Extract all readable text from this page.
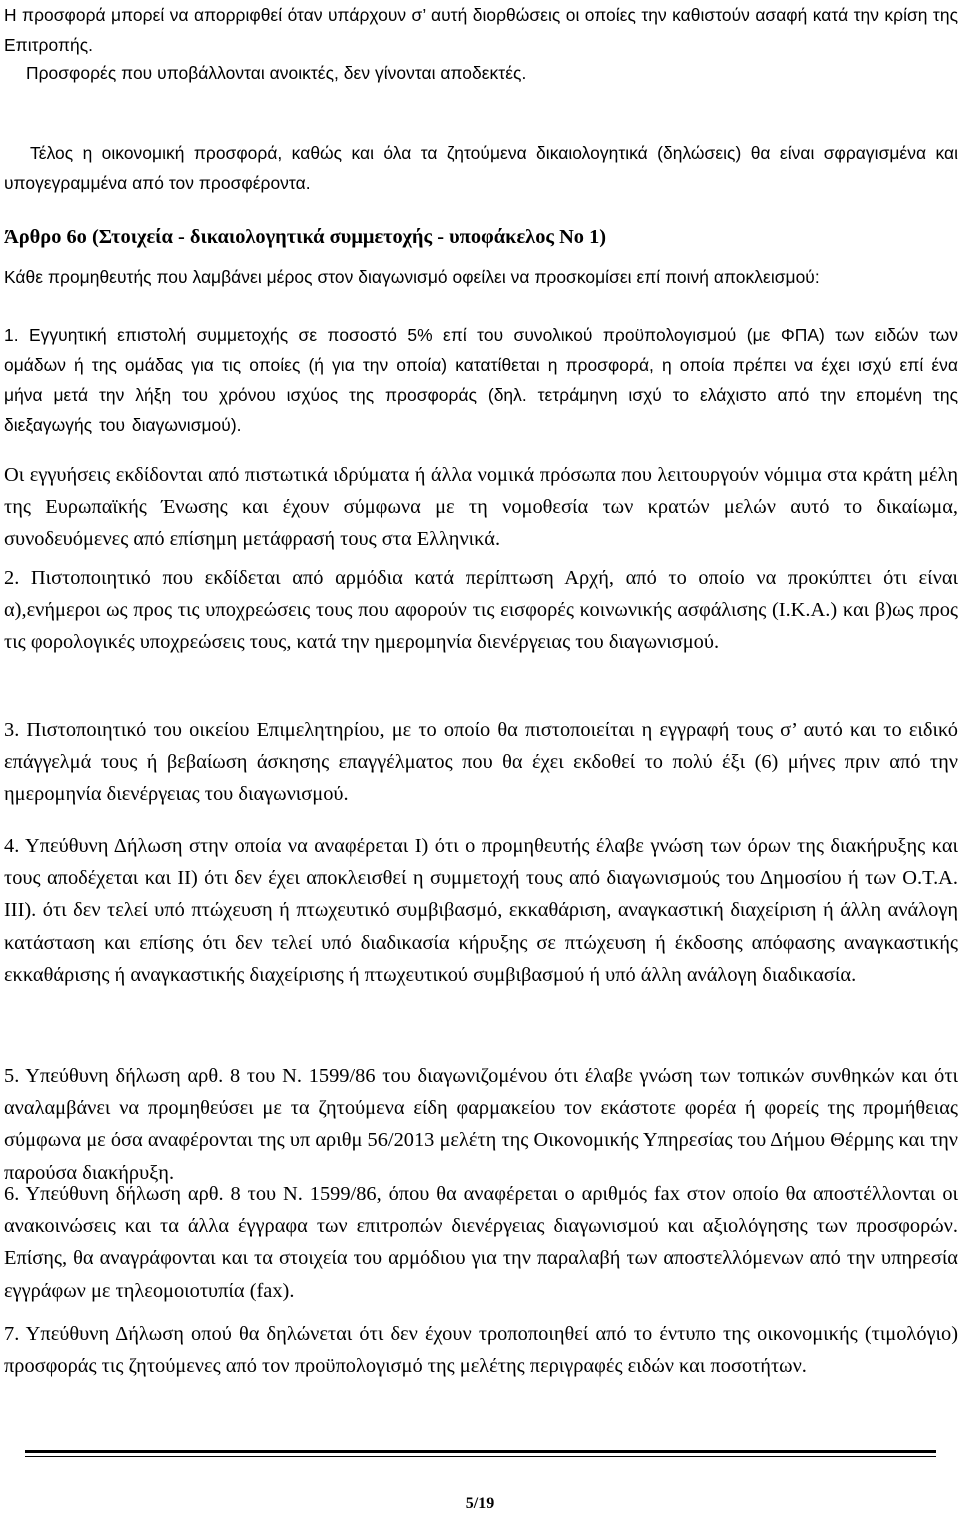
Η προσφορά μπορεί να απορριφθεί όταν υπάρχουν σ’ αυτή διορθώσεις οι οποίες την καθιστούν ασαφή κατά την κρίση της Επιτροπής.

Προσφορές που υποβάλλονται ανοικτές, δεν γίνονται αποδεκτές.

Τέλος η οικονομική προσφορά, καθώς και όλα τα ζητούμενα δικαιολογητικά (δηλώσεις) θα είναι σφραγισμένα και υπογεγραμμένα από τον προσφέροντα.

Άρθρο 6ο (Στοιχεία - δικαιολογητικά συμμετοχής - υποφάκελος Νο 1)

Κάθε προμηθευτής που λαμβάνει μέρος στον διαγωνισμό οφείλει να προσκομίσει επί ποινή αποκλεισμού:

1. Εγγυητική επιστολή συμμετοχής σε ποσοστό 5% επί του συνολικού προϋπολογισμού (με ΦΠΑ) των ειδών των ομάδων ή της ομάδας για τις οποίες (ή για την οποία) κατατίθεται η προσφορά, η οποία πρέπει να έχει ισχύ επί ένα μήνα μετά την λήξη του χρόνου ισχύος της προσφοράς (δηλ. τετράμηνη ισχύ το ελάχιστο από την επομένη της διεξαγωγής του διαγωνισμού).

Οι εγγυήσεις εκδίδονται από πιστωτικά ιδρύματα ή άλλα νομικά πρόσωπα που λειτουργούν νόμιμα στα κράτη μέλη της Ευρωπαϊκής Ένωσης και έχουν σύμφωνα με τη νομοθεσία των κρατών μελών αυτό το δικαίωμα, συνοδευόμενες από επίσημη μετάφρασή τους στα Ελληνικά.

2. Πιστοποιητικό που εκδίδεται από αρμόδια κατά περίπτωση Αρχή, από το οποίο να προκύπτει ότι είναι α),ενήμεροι ως προς τις υποχρεώσεις τους που αφορούν τις εισφορές κοινωνικής ασφάλισης (Ι.Κ.Α.) και β)ως προς τις φορολογικές υποχρεώσεις τους, κατά την ημερομηνία διενέργειας του διαγωνισμού.

3. Πιστοποιητικό του οικείου Επιμελητηρίου, με το οποίο θα πιστοποιείται η εγγραφή τους σ’ αυτό και το ειδικό επάγγελμά τους ή βεβαίωση άσκησης επαγγέλματος που θα έχει εκδοθεί το πολύ έξι (6) μήνες πριν από την ημερομηνία διενέργειας του διαγωνισμού.

4. Υπεύθυνη Δήλωση στην οποία να αναφέρεται Ι) ότι ο προμηθευτής έλαβε γνώση των όρων της διακήρυξης και τους αποδέχεται και ΙΙ) ότι δεν έχει αποκλεισθεί η συμμετοχή τους από διαγωνισμούς του Δημοσίου ή των Ο.Τ.Α. ΙΙΙ). ότι δεν τελεί υπό πτώχευση ή πτωχευτικό συμβιβασμό, εκκαθάριση, αναγκαστική διαχείριση ή άλλη ανάλογη κατάσταση και επίσης ότι δεν τελεί υπό διαδικασία κήρυξης σε πτώχευση ή έκδοσης απόφασης αναγκαστικής εκκαθάρισης ή αναγκαστικής διαχείρισης ή πτωχευτικού συμβιβασμού ή υπό άλλη ανάλογη διαδικασία.

5. Υπεύθυνη δήλωση αρθ. 8 του Ν. 1599/86 του διαγωνιζομένου ότι έλαβε γνώση των τοπικών συνθηκών και ότι αναλαμβάνει να προμηθεύσει με τα ζητούμενα είδη φαρμακείου τον εκάστοτε φορέα ή φορείς της προμήθειας σύμφωνα με όσα αναφέρονται της υπ αριθμ 56/2013 μελέτη της Οικονομικής Υπηρεσίας του Δήμου Θέρμης και την παρούσα διακήρυξη.

6. Υπεύθυνη δήλωση αρθ. 8 του Ν. 1599/86, όπου θα αναφέρεται ο αριθμός fax στον οποίο θα αποστέλλονται οι ανακοινώσεις και τα άλλα έγγραφα των επιτροπών διενέργειας διαγωνισμού και αξιολόγησης των προσφορών. Επίσης, θα αναγράφονται και τα στοιχεία του αρμόδιου για την παραλαβή των αποστελλόμενων από την υπηρεσία εγγράφων με τηλεομοιοτυπία (fax).

7. Υπεύθυνη Δήλωση οπού θα δηλώνεται ότι δεν έχουν τροποποιηθεί από το έντυπο της οικονομικής (τιμολόγιο) προσφοράς τις ζητούμενες από τον προϋπολογισμό της μελέτης περιγραφές ειδών και ποσοτήτων.

5/19
